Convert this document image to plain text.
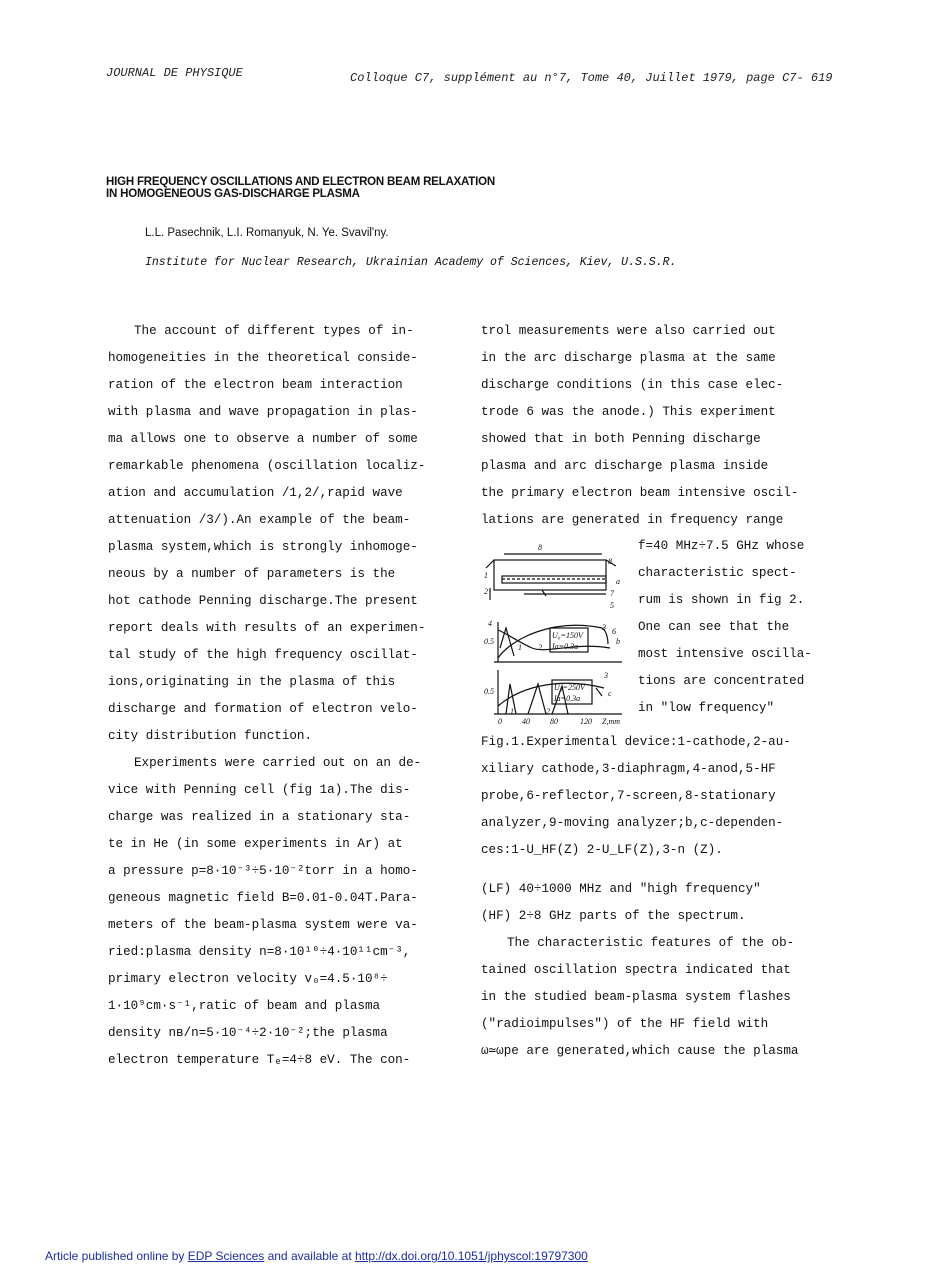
JOURNAL DE PHYSIQUE	Colloque C7, supplément au n°7, Tome 40, Juillet 1979, page C7- 619
HIGH FREQUENCY OSCILLATIONS AND ELECTRON BEAM RELAXATION
IN HOMOGENEOUS GAS-DISCHARGE PLASMA
L.L. Pasechnik, L.I. Romanyuk, N. Ye. Svavil'ny.
Institute for Nuclear Research, Ukrainian Academy of Sciences, Kiev, U.S.S.R.
The account of different types of in-
homogeneities in the theoretical conside-
ration of the electron beam interaction
with plasma and wave propagation in plas-
ma allows one to observe a number of some
remarkable phenomena (oscillation localiz-
ation and accumulation /1,2/,rapid wave
attenuation /3/).An example of the beam-
plasma system,which is strongly inhomoge-
neous by a number of parameters is the
hot cathode Penning discharge.The present
report deals with results of an experimen-
tal study of the high frequency oscillat-
ions,originating in the plasma of this
discharge and formation of electron velo-
city distribution function.
Experiments were carried out on an de-
vice with Penning cell (fig 1a).The dis-
charge was realized in a stationary sta-
te in He (in some experiments in Ar) at
a pressure p=8·10⁻³÷5·10⁻²torr in a homo-
geneous magnetic field B=0.01-0.04T.Para-
meters of the beam-plasma system were va-
ried:plasma density n=8·10¹⁰÷4·10¹¹cm⁻³,
primary electron velocity v₀=4.5·10⁸÷
1·10⁹cm·s⁻¹,ratic of beam and plasma
density nв/n=5·10⁻⁴÷2·10⁻²;the plasma
electron temperature Tₑ=4÷8 eV. The con-
trol measurements were also carried out
in the arc discharge plasma at the same
discharge conditions (in this case elec-
trode 6 was the anode.) This experiment
showed that in both Penning discharge
plasma and arc discharge plasma inside
the primary electron beam intensive oscil-
lations are generated in frequency range
f=40 MHz÷7.5 GHz whose
characteristic spect-
rum is shown in fig 2.
One can see that the
most intensive oscilla-
tions are concentrated
in "low frequency"
Fig.1.Experimental device:1-cathode,2-au-
xiliary cathode,3-diaphragm,4-anod,5-HF
probe,6-reflector,7-screen,8-stationary
analyzer,9-moving analyzer;b,c-dependen-
ces:1-U_HF(Z) 2-U_LF(Z),3-n (Z).
(LF) 40÷1000 MHz and "high frequency"
(HF) 2÷8 GHz parts of the spectrum.
The characteristic features of the ob-
tained oscillation spectra indicated that
in the studied beam-plasma system flashes
("radioimpulses") of the HF field with
ω≃ωpe are generated,which cause the plasma
8
8
1
2
a
7
5
4
6
3
2
1
b
0.5
U₀=150V
Iа=0.3а
3
2
1
c
0.5	U₀=250V
Iа=0.3а
0	40	80	120 Z,mm
Article published online by EDP Sciences and available at http://dx.doi.org/10.1051/jphyscol:19797300
